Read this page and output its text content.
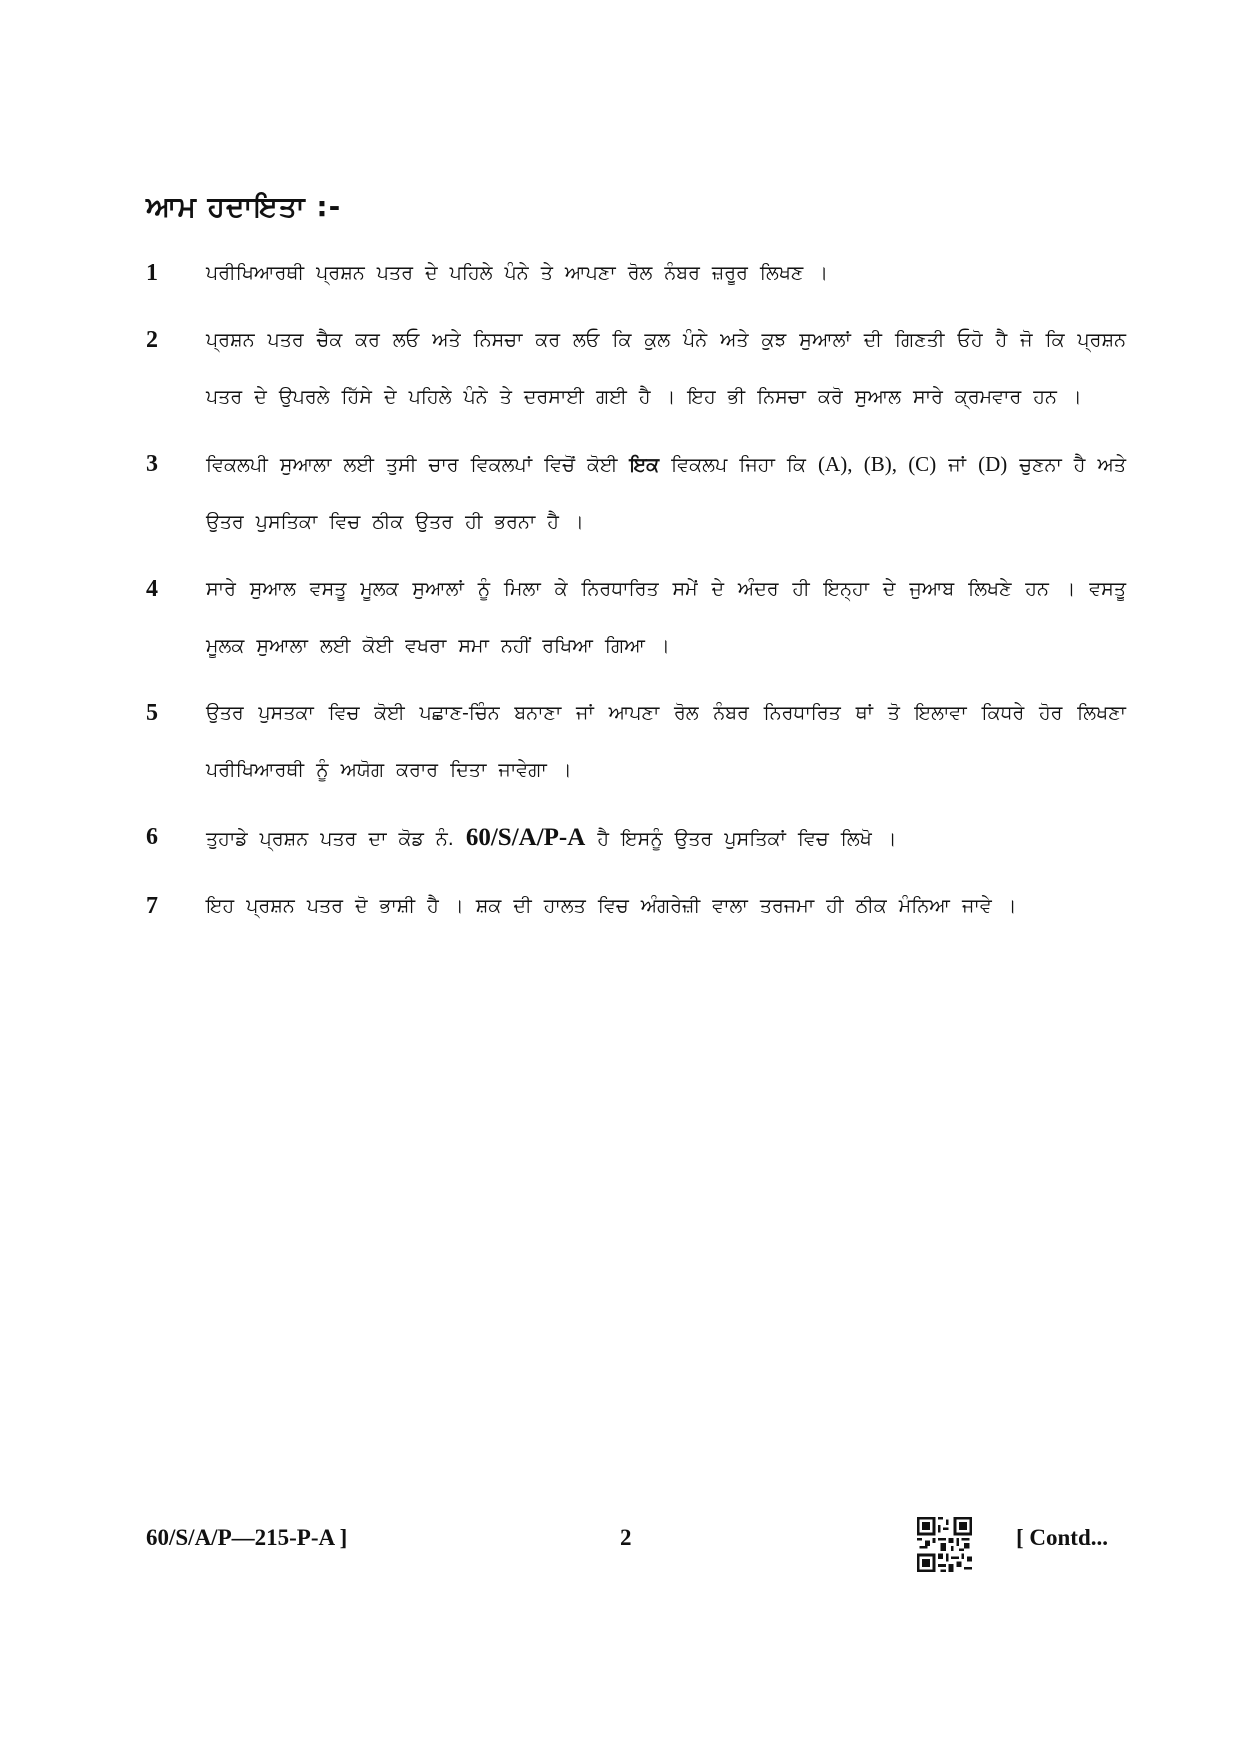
ਆਮ ਹਦਾਇਤਾ :-
1	ਪਰੀਖਿਆਰਥੀ ਪ੍ਰਸ਼ਨ ਪਤਰ ਦੇ ਪਹਿਲੇ ਪੰਨੇ ਤੇ ਆਪਣਾ ਰੋਲ ਨੰਬਰ ਜ਼ਰੂਰ ਲਿਖਣ ।
2	ਪ੍ਰਸ਼ਨ ਪਤਰ ਚੈਕ ਕਰ ਲਓ ਅਤੇ ਨਿਸਚਾ ਕਰ ਲਓ ਕਿ ਕੁਲ ਪੰਨੇ ਅਤੇ ਕੁਝ ਸੁਆਲਾਂ ਦੀ ਗਿਣਤੀ ਓਹੋ ਹੈ ਜੋ ਕਿ ਪ੍ਰਸ਼ਨ ਪਤਰ ਦੇ ਉਪਰਲੇ ਹਿੱਸੇ ਦੇ ਪਹਿਲੇ ਪੰਨੇ ਤੇ ਦਰਸਾਈ ਗਈ ਹੈ । ਇਹ ਭੀ ਨਿਸਚਾ ਕਰੋ ਸੁਆਲ ਸਾਰੇ ਕ੍ਰਮਵਾਰ ਹਨ ।
3	ਵਿਕਲਪੀ ਸੁਆਲਾ ਲਈ ਤੁਸੀ ਚਾਰ ਵਿਕਲਪਾਂ ਵਿਚੋਂ ਕੋਈ ਇਕ ਵਿਕਲਪ ਜਿਹਾ ਕਿ (A), (B), (C) ਜਾਂ (D) ਚੁਣਨਾ ਹੈ ਅਤੇ ਉਤਰ ਪੁਸਤਿਕਾ ਵਿਚ ਠੀਕ ਉਤਰ ਹੀ ਭਰਨਾ ਹੈ ।
4	ਸਾਰੇ ਸੁਆਲ ਵਸਤੂ ਮੂਲਕ ਸੁਆਲਾਂ ਨੂੰ ਮਿਲਾ ਕੇ ਨਿਰਧਾਰਿਤ ਸਮੇਂ ਦੇ ਅੰਦਰ ਹੀ ਇਨ੍ਹਾ ਦੇ ਜੁਆਬ ਲਿਖਣੇ ਹਨ । ਵਸਤੂ ਮੂਲਕ ਸੁਆਲਾ ਲਈ ਕੋਈ ਵਖਰਾ ਸਮਾ ਨਹੀਂ ਰਖਿਆ ਗਿਆ ।
5	ਉਤਰ ਪੁਸਤਕਾ ਵਿਚ ਕੋਈ ਪਛਾਣ-ਚਿੰਨ ਬਨਾਣਾ ਜਾਂ ਆਪਣਾ ਰੋਲ ਨੰਬਰ ਨਿਰਧਾਰਿਤ ਥਾਂ ਤੋ ਇਲਾਵਾ ਕਿਧਰੇ ਹੋਰ ਲਿਖਣਾ ਪਰੀਖਿਆਰਥੀ ਨੂੰ ਅਯੋਗ ਕਰਾਰ ਦਿਤਾ ਜਾਵੇਗਾ ।
6	ਤੁਹਾਡੇ ਪ੍ਰਸ਼ਨ ਪਤਰ ਦਾ ਕੋਡ ਨੰ. 60/S/A/P-A ਹੈ ਇਸਨੂੰ ਉਤਰ ਪੁਸਤਿਕਾਂ ਵਿਚ ਲਿਖੋ ।
7	ਇਹ ਪ੍ਰਸ਼ਨ ਪਤਰ ਦੋ ਭਾਸ਼ੀ ਹੈ । ਸ਼ਕ ਦੀ ਹਾਲਤ ਵਿਚ ਅੰਗਰੇਜ਼ੀ ਵਾਲਾ ਤਰਜਮਾ ਹੀ ਠੀਕ ਮੰਨਿਆ ਜਾਵੇ ।
60/S/A/P—215-P-A ]	2	[ Contd...
